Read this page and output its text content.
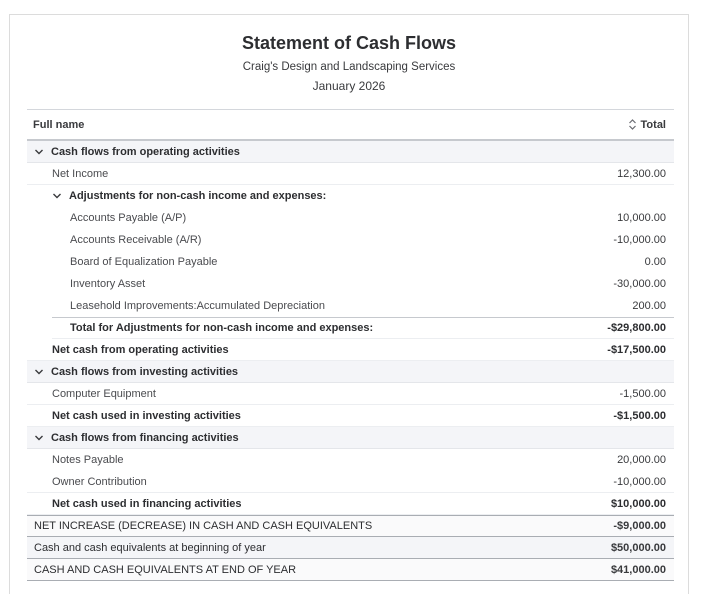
Statement of Cash Flows
Craig's Design and Landscaping Services
January 2026
Full name	Total
Cash flows from operating activities
Net Income	12,300.00
Adjustments for non-cash income and expenses:
Accounts Payable (A/P)	10,000.00
Accounts Receivable (A/R)	-10,000.00
Board of Equalization Payable	0.00
Inventory Asset	-30,000.00
Leasehold Improvements:Accumulated Depreciation	200.00
Total for Adjustments for non-cash income and expenses:	-$29,800.00
Net cash from operating activities	-$17,500.00
Cash flows from investing activities
Computer Equipment	-1,500.00
Net cash used in investing activities	-$1,500.00
Cash flows from financing activities
Notes Payable	20,000.00
Owner Contribution	-10,000.00
Net cash used in financing activities	$10,000.00
NET INCREASE (DECREASE) IN CASH AND CASH EQUIVALENTS	-$9,000.00
Cash and cash equivalents at beginning of year	$50,000.00
CASH AND CASH EQUIVALENTS AT END OF YEAR	$41,000.00
